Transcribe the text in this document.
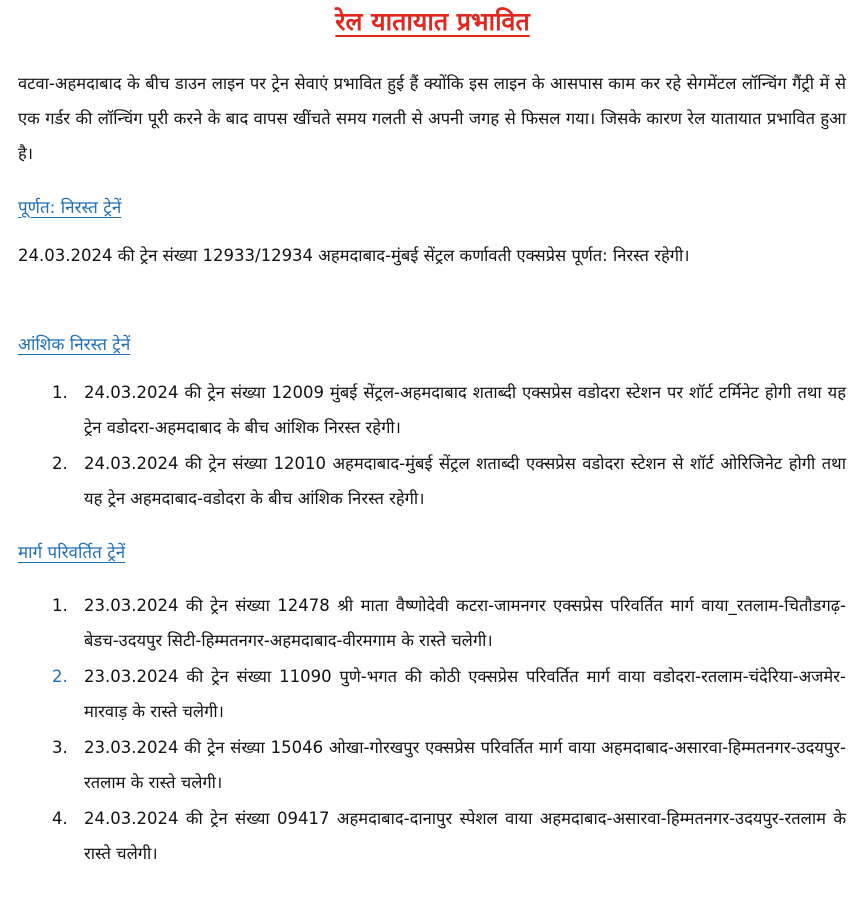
रेल यातायात प्रभावित
वटवा-अहमदाबाद के बीच डाउन लाइन पर ट्रेन सेवाएं प्रभावित हुई हैं क्योंकि इस लाइन के आसपास काम कर रहे सेगमेंटल लॉन्चिंग गैंट्री में से एक गर्डर की लॉन्चिंग पूरी करने के बाद वापस खींचते समय गलती से अपनी जगह से फिसल गया। जिसके कारण रेल यातायात प्रभावित हुआ है।
पूर्णत: निरस्त ट्रेनें
24.03.2024 की ट्रेन संख्या 12933/12934 अहमदाबाद-मुंबई सेंट्रल कर्णावती एक्सप्रेस पूर्णत: निरस्त रहेगी।
आंशिक निरस्त ट्रेनें
1. 24.03.2024 की ट्रेन संख्या 12009 मुंबई सेंट्रल-अहमदाबाद शताब्दी एक्सप्रेस वडोदरा स्टेशन पर शॉर्ट टर्मिनेट होगी तथा यह ट्रेन वडोदरा-अहमदाबाद के बीच आंशिक निरस्त रहेगी।
2. 24.03.2024 की ट्रेन संख्या 12010 अहमदाबाद-मुंबई सेंट्रल शताब्दी एक्सप्रेस वडोदरा स्टेशन से शॉर्ट ओरिजिनेट होगी तथा यह ट्रेन अहमदाबाद-वडोदरा के बीच आंशिक निरस्त रहेगी।
मार्ग परिवर्तित ट्रेनें
1. 23.03.2024 की ट्रेन संख्या 12478 श्री माता वैष्णोदेवी कटरा-जामनगर एक्सप्रेस परिवर्तित मार्ग वाया_रतलाम-चितौडगढ़-बेडच-उदयपुर सिटी-हिम्मतनगर-अहमदाबाद-वीरमगाम के रास्ते चलेगी।
2. 23.03.2024 की ट्रेन संख्या 11090 पुणे-भगत की कोठी एक्सप्रेस परिवर्तित मार्ग वाया वडोदरा-रतलाम-चंदेरिया-अजमेर-मारवाड़ के रास्ते चलेगी।
3. 23.03.2024 की ट्रेन संख्या 15046 ओखा-गोरखपुर एक्सप्रेस परिवर्तित मार्ग वाया अहमदाबाद-असारवा-हिम्मतनगर-उदयपुर-रतलाम के रास्ते चलेगी।
4. 24.03.2024 की ट्रेन संख्या 09417 अहमदाबाद-दानापुर स्पेशल वाया अहमदाबाद-असारवा-हिम्मतनगर-उदयपुर-रतलाम के रास्ते चलेगी।
